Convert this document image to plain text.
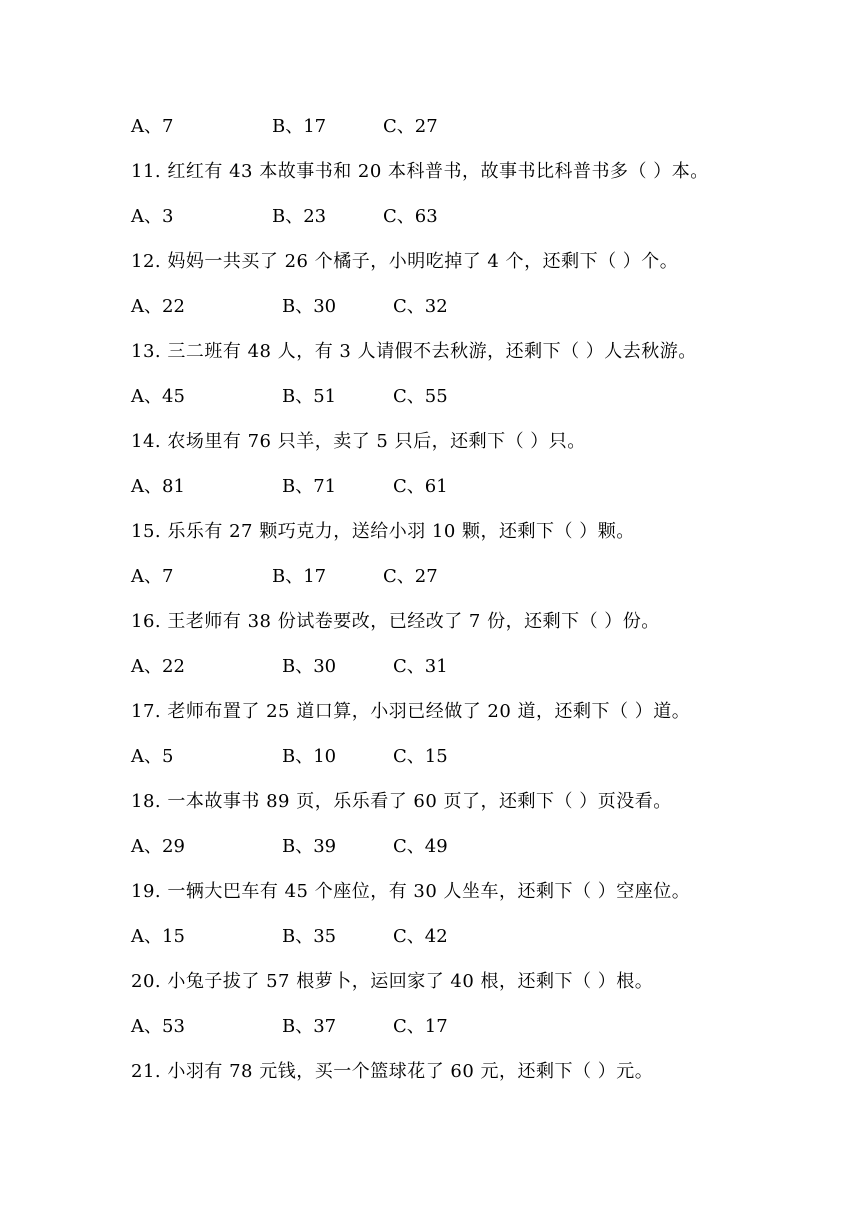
A、7	B、17	C、27
11. 红红有 43 本故事书和 20 本科普书，故事书比科普书多（ ）本。
A、3	B、23	C、63
12. 妈妈一共买了 26 个橘子，小明吃掉了 4 个，还剩下（ ）个。
A、22	B、30	C、32
13. 三二班有 48 人，有 3 人请假不去秋游，还剩下（ ）人去秋游。
A、45	B、51	C、55
14. 农场里有 76 只羊，卖了 5 只后，还剩下（ ）只。
A、81	B、71	C、61
15. 乐乐有 27 颗巧克力，送给小羽 10 颗，还剩下（ ）颗。
A、7	B、17	C、27
16. 王老师有 38 份试卷要改，已经改了 7 份，还剩下（ ）份。
A、22	B、30	C、31
17. 老师布置了 25 道口算，小羽已经做了 20 道，还剩下（ ）道。
A、5	B、10	C、15
18. 一本故事书 89 页，乐乐看了 60 页了，还剩下（ ）页没看。
A、29	B、39	C、49
19. 一辆大巴车有 45 个座位，有 30 人坐车，还剩下（ ）空座位。
A、15	B、35	C、42
20. 小兔子拔了 57 根萝卜，运回家了 40 根，还剩下（ ）根。
A、53	B、37	C、17
21. 小羽有 78 元钱，买一个篮球花了 60 元，还剩下（ ）元。
